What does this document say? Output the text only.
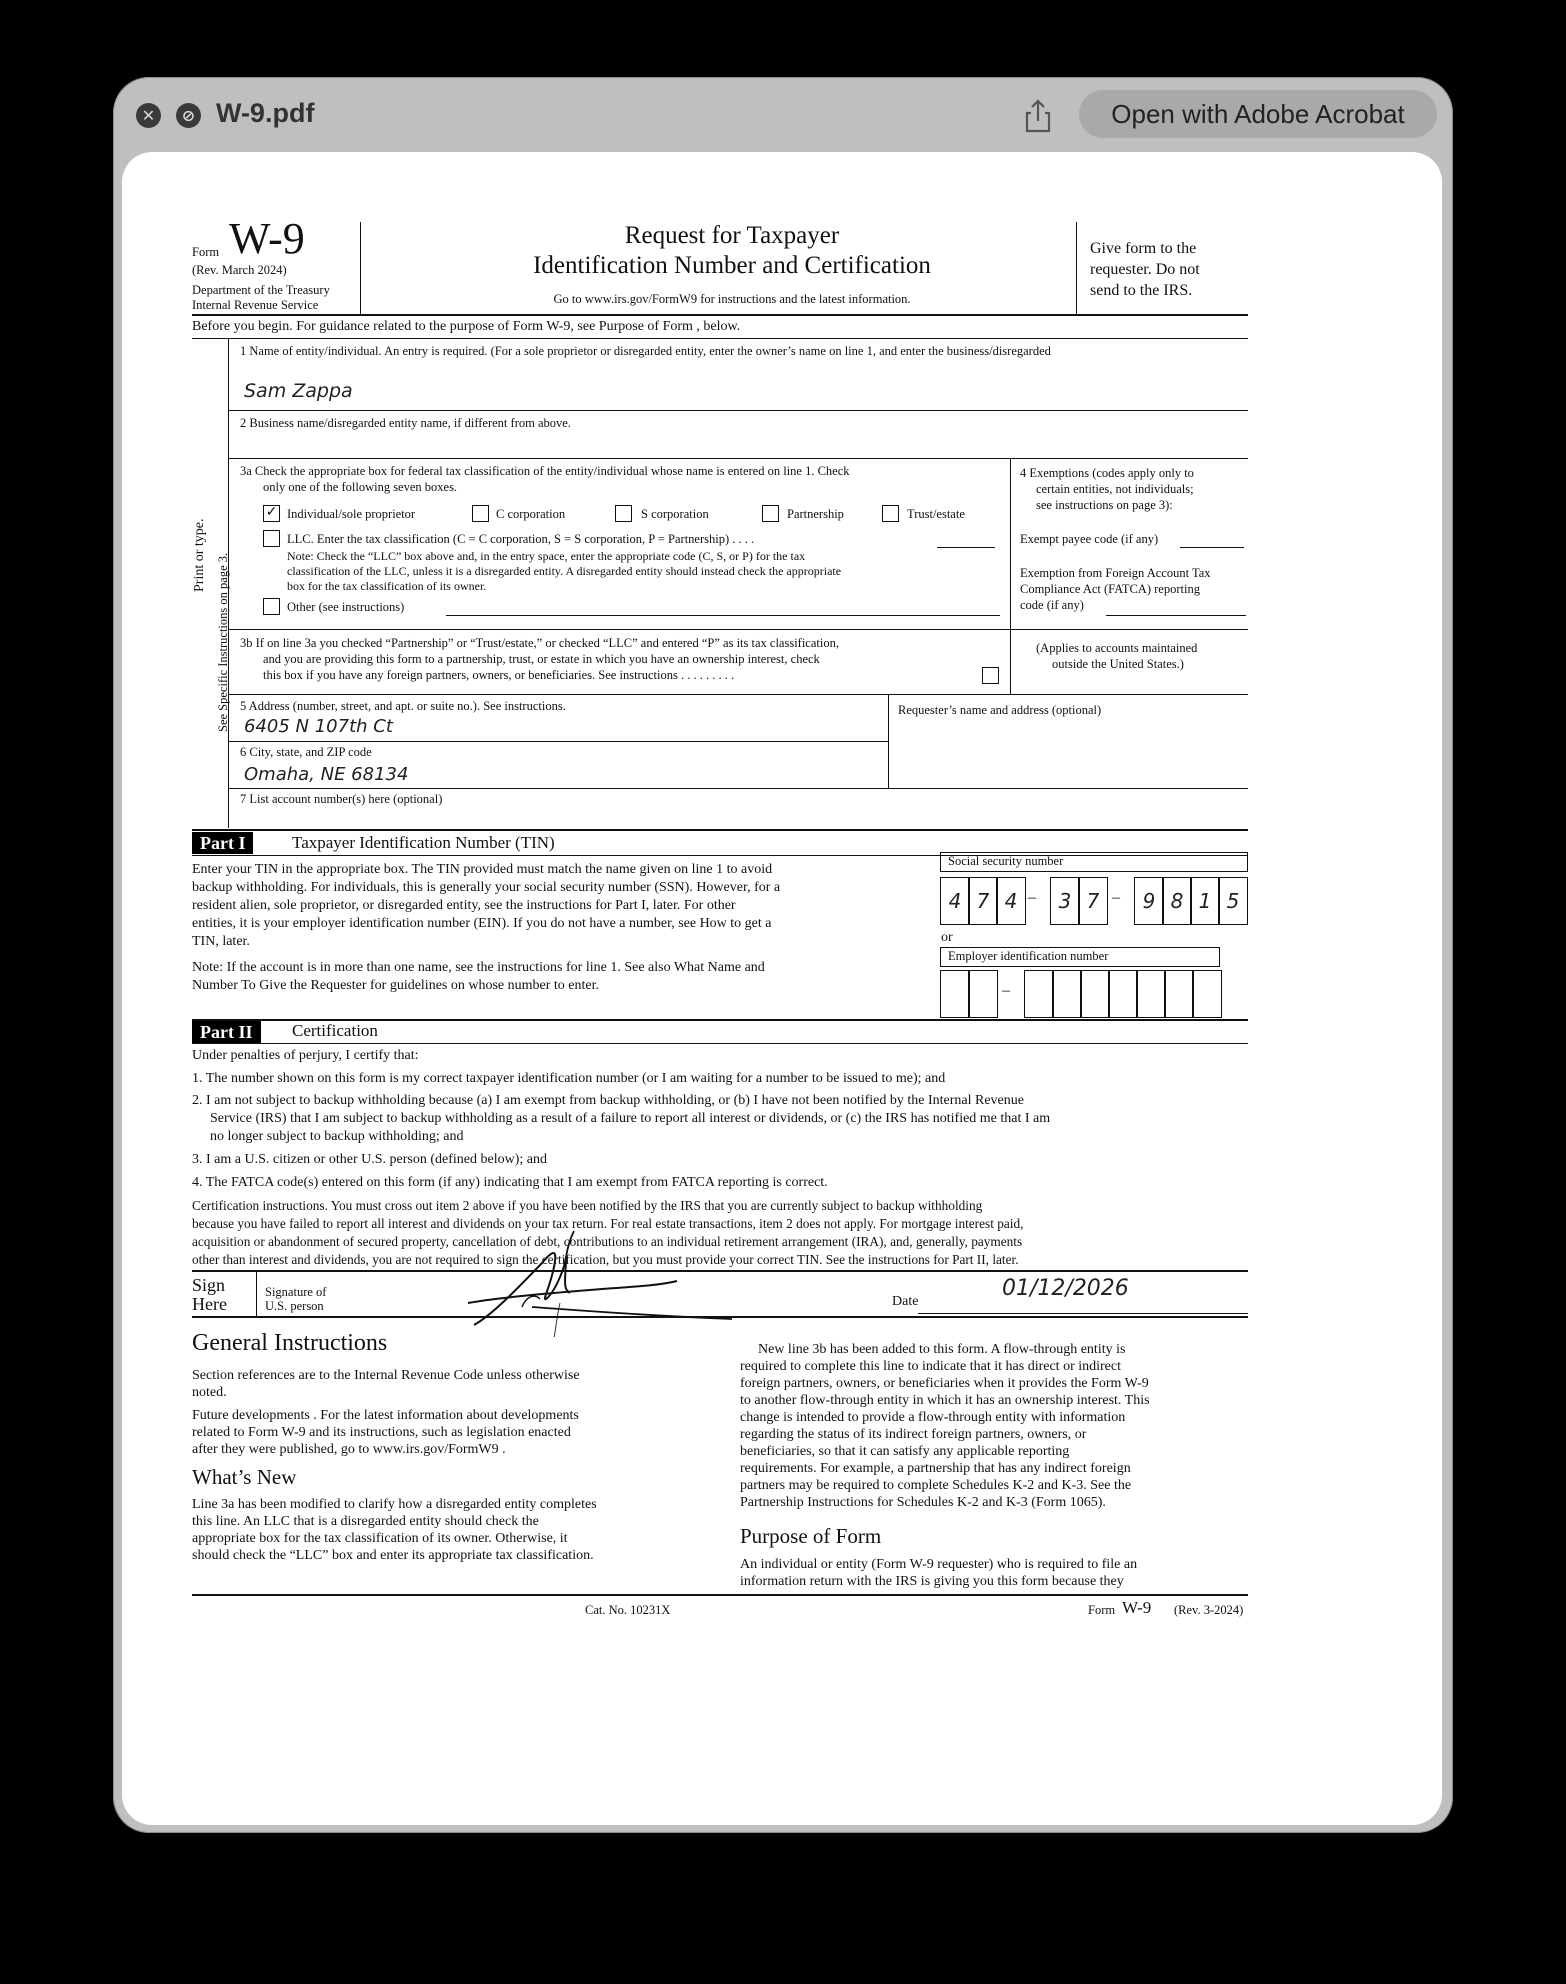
✕	⊘ W-9.pdf	Open with Adobe Acrobat
Form W-9
(Rev. March 2024)
Department of the Treasury
Internal Revenue Service
Request for Taxpayer
Identification Number and Certification
Go to www.irs.gov/FormW9 for instructions and the latest information.
Give form to the
requester. Do not
send to the IRS.
Before you begin. For guidance related to the purpose of Form W-9, see Purpose of Form , below.
Print or type. See Specific Instructions on page 3.
1 Name of entity/individual. An entry is required. (For a sole proprietor or disregarded entity, enter the owner’s name on line 1, and enter the business/disregarded
Sam Zappa
2 Business name/disregarded entity name, if different from above.
3a Check the appropriate box for federal tax classification of the entity/individual whose name is entered on line 1. Check
only one of the following seven boxes.
✓ Individual/sole proprietor	C corporation	S corporation	Partnership	Trust/estate
LLC. Enter the tax classification (C = C corporation, S = S corporation, P = Partnership) . . . .
Note: Check the “LLC” box above and, in the entry space, enter the appropriate code (C, S, or P) for the tax
classification of the LLC, unless it is a disregarded entity. A disregarded entity should instead check the appropriate
box for the tax classification of its owner.
Other (see instructions)
4 Exemptions (codes apply only to
certain entities, not individuals;
see instructions on page 3):
Exempt payee code (if any)
Exemption from Foreign Account Tax
Compliance Act (FATCA) reporting
code (if any)
(Applies to accounts maintained
outside the United States.)
3b If on line 3a you checked “Partnership” or “Trust/estate,” or checked “LLC” and entered “P” as its tax classification,
and you are providing this form to a partnership, trust, or estate in which you have an ownership interest, check
this box if you have any foreign partners, owners, or beneficiaries. See instructions . . . . . . . . .
5 Address (number, street, and apt. or suite no.). See instructions.
6405 N 107th Ct
Requester’s name and address (optional)
6 City, state, and ZIP code
Omaha, NE 68134
7 List account number(s) here (optional)
Part I	Taxpayer Identification Number (TIN)
Enter your TIN in the appropriate box. The TIN provided must match the name given on line 1 to avoid
backup withholding. For individuals, this is generally your social security number (SSN). However, for a
resident alien, sole proprietor, or disregarded entity, see the instructions for Part I, later. For other
entities, it is your employer identification number (EIN). If you do not have a number, see How to get a
TIN, later.
Note: If the account is in more than one name, see the instructions for line 1. See also What Name and
Number To Give the Requester for guidelines on whose number to enter.
Social security number
4 7 4 –	3 7 –	9 8 1 5
or
Employer identification number
–
Part II	Certification
Under penalties of perjury, I certify that:
1. The number shown on this form is my correct taxpayer identification number (or I am waiting for a number to be issued to me); and
2. I am not subject to backup withholding because (a) I am exempt from backup withholding, or (b) I have not been notified by the Internal Revenue
Service (IRS) that I am subject to backup withholding as a result of a failure to report all interest or dividends, or (c) the IRS has notified me that I am
no longer subject to backup withholding; and
3. I am a U.S. citizen or other U.S. person (defined below); and
4. The FATCA code(s) entered on this form (if any) indicating that I am exempt from FATCA reporting is correct.
Certification instructions. You must cross out item 2 above if you have been notified by the IRS that you are currently subject to backup withholding
because you have failed to report all interest and dividends on your tax return. For real estate transactions, item 2 does not apply. For mortgage interest paid,
acquisition or abandonment of secured property, cancellation of debt, contributions to an individual retirement arrangement (IRA), and, generally, payments
other than interest and dividends, you are not required to sign the certification, but you must provide your correct TIN. See the instructions for Part II, later.
Sign
Here
Signature of
U.S. person	Date
01/12/2026
General Instructions
Section references are to the Internal Revenue Code unless otherwise
noted.
Future developments . For the latest information about developments
related to Form W-9 and its instructions, such as legislation enacted
after they were published, go to www.irs.gov/FormW9 .
What’s New
Line 3a has been modified to clarify how a disregarded entity completes
this line. An LLC that is a disregarded entity should check the
appropriate box for the tax classification of its owner. Otherwise, it
should check the “LLC” box and enter its appropriate tax classification.
New line 3b has been added to this form. A flow-through entity is
required to complete this line to indicate that it has direct or indirect
foreign partners, owners, or beneficiaries when it provides the Form W-9
to another flow-through entity in which it has an ownership interest. This
change is intended to provide a flow-through entity with information
regarding the status of its indirect foreign partners, owners, or
beneficiaries, so that it can satisfy any applicable reporting
requirements. For example, a partnership that has any indirect foreign
partners may be required to complete Schedules K-2 and K-3. See the
Partnership Instructions for Schedules K-2 and K-3 (Form 1065).
Purpose of Form
An individual or entity (Form W-9 requester) who is required to file an
information return with the IRS is giving you this form because they
Cat. No. 10231X	Form W-9 (Rev. 3-2024)
